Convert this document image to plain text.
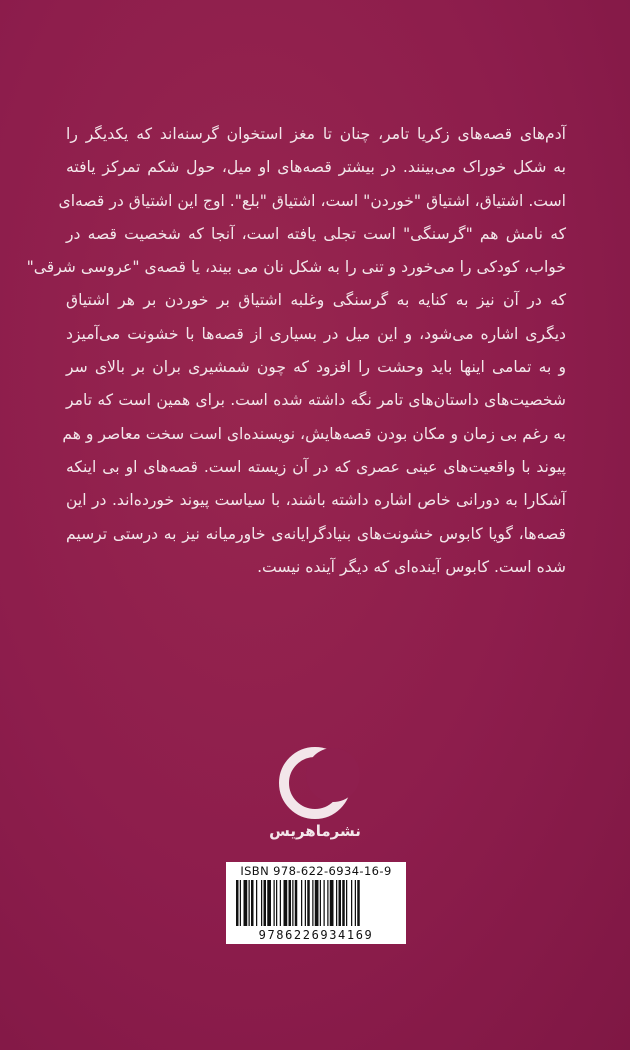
آدم‌های قصه‌های زکریا تامر، چنان تا مغز استخوان گرسنه‌اند که یکدیگر را
به شکل خوراک می‌بینند. در بیشتر قصه‌های او میل، حول شکم تمرکز یافته
است. اشتیاق، اشتیاق "خوردن" است، اشتیاق "بلع". اوج این اشتیاق در قصه‌ای
که نامش هم "گرسنگی" است تجلی یافته است، آنجا که شخصیت قصه در
خواب، کودکی را می‌خورد و تنی را به شکل نان می بیند، یا قصه‌ی "عروسی شرقی"
که در آن نیز به کنایه به گرسنگی وغلبه اشتیاق بر خوردن بر هر اشتیاق
دیگری اشاره می‌شود، و این میل در بسیاری از قصه‌ها با خشونت می‌آمیزد
و به تمامی اینها باید وحشت را افزود که چون شمشیری بران بر بالای سر
شخصیت‌های داستان‌های تامر نگه داشته شده است. برای همین است که تامر
به رغم بی زمان و مکان بودن قصه‌هایش، نویسنده‌ای است سخت معاصر و هم
پیوند با واقعیت‌های عینی عصری که در آن زیسته است. قصه‌های او بی اینکه
آشکارا به دورانی خاص اشاره داشته باشند، با سیاست پیوند خورده‌اند. در این
قصه‌ها، گویا کابوس خشونت‌های بنیادگرایانه‌ی خاورمیانه نیز به درستی ترسیم
شده است. کابوس آینده‌ای که دیگر آینده نیست.
نشرماهریس
ISBN 978-622-6934-16-9
9786226934169
